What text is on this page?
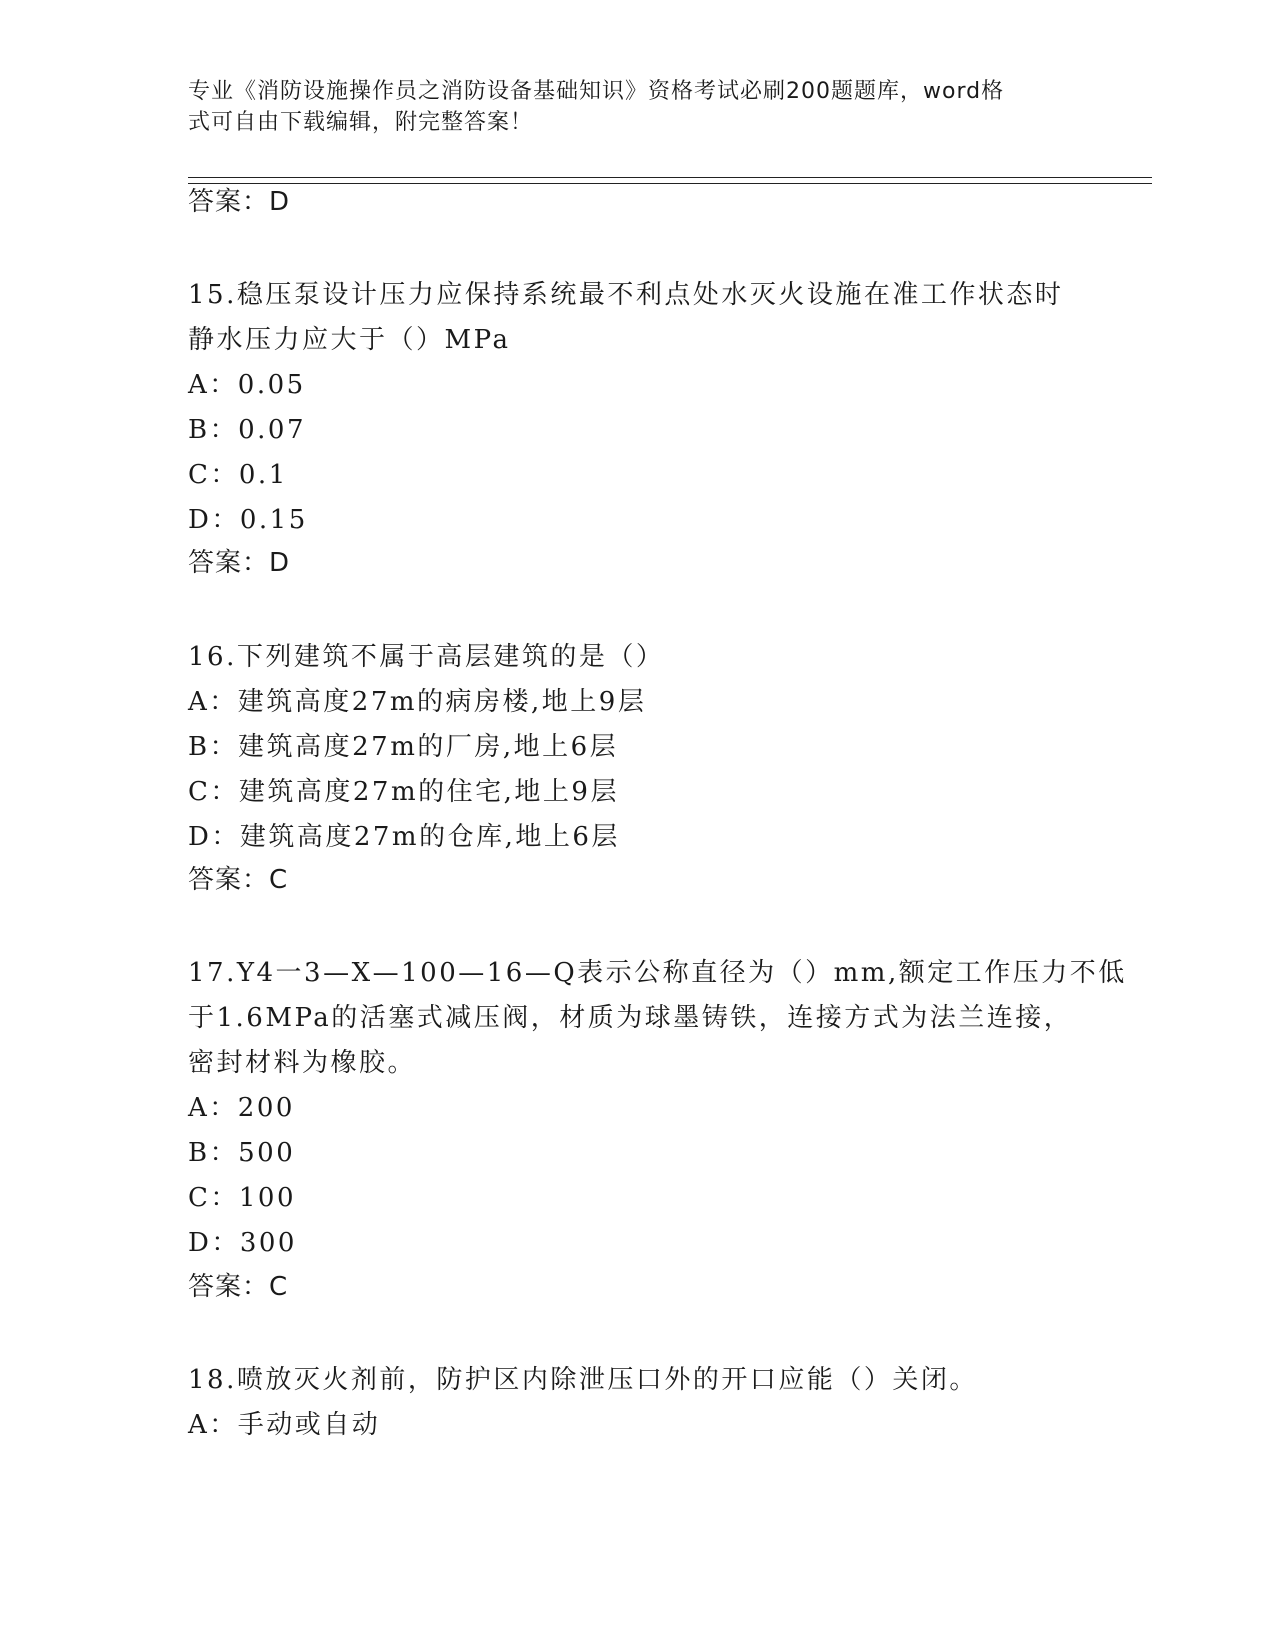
专业《消防设施操作员之消防设备基础知识》资格考试必刷200题题库，word格
式可自由下载编辑，附完整答案！
答案：D
15.稳压泵设计压力应保持系统最不利点处水灭火设施在准工作状态时
静水压力应大于（）MPa
A：0.05
B：0.07
C：0.1
D：0.15
答案：D
16.下列建筑不属于高层建筑的是（）
A：建筑高度27m的病房楼,地上9层
B：建筑高度27m的厂房,地上6层
C：建筑高度27m的住宅,地上9层
D：建筑高度27m的仓库,地上6层
答案：C
17.Y4一3—X—100—16—Q表示公称直径为（）mm,额定工作压力不低
于1.6MPa的活塞式减压阀，材质为球墨铸铁，连接方式为法兰连接，
密封材料为橡胶。
A：200
B：500
C：100
D：300
答案：C
18.喷放灭火剂前，防护区内除泄压口外的开口应能（）关闭。
A：手动或自动
